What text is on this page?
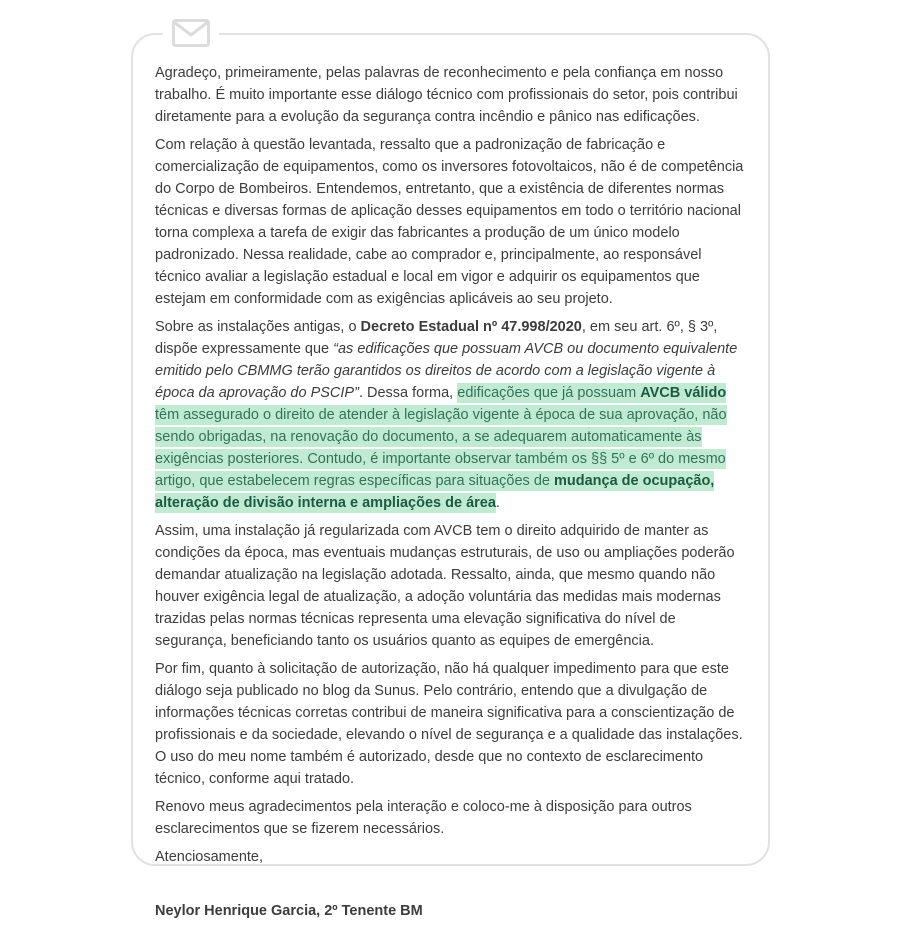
Agradeço, primeiramente, pelas palavras de reconhecimento e pela confiança em nosso trabalho. É muito importante esse diálogo técnico com profissionais do setor, pois contribui diretamente para a evolução da segurança contra incêndio e pânico nas edificações.

Com relação à questão levantada, ressalto que a padronização de fabricação e comercialização de equipamentos, como os inversores fotovoltaicos, não é de competência do Corpo de Bombeiros. Entendemos, entretanto, que a existência de diferentes normas técnicas e diversas formas de aplicação desses equipamentos em todo o território nacional torna complexa a tarefa de exigir das fabricantes a produção de um único modelo padronizado. Nessa realidade, cabe ao comprador e, principalmente, ao responsável técnico avaliar a legislação estadual e local em vigor e adquirir os equipamentos que estejam em conformidade com as exigências aplicáveis ao seu projeto.

Sobre as instalações antigas, o Decreto Estadual nº 47.998/2020, em seu art. 6º, § 3º, dispõe expressamente que “as edificações que possuam AVCB ou documento equivalente emitido pelo CBMMG terão garantidos os direitos de acordo com a legislação vigente à época da aprovação do PSCIP”. Dessa forma, edificações que já possuam AVCB válido têm assegurado o direito de atender à legislação vigente à época de sua aprovação, não sendo obrigadas, na renovação do documento, a se adequarem automaticamente às exigências posteriores. Contudo, é importante observar também os §§ 5º e 6º do mesmo artigo, que estabelecem regras específicas para situações de mudança de ocupação, alteração de divisão interna e ampliações de área.

Assim, uma instalação já regularizada com AVCB tem o direito adquirido de manter as condições da época, mas eventuais mudanças estruturais, de uso ou ampliações poderão demandar atualização na legislação adotada. Ressalto, ainda, que mesmo quando não houver exigência legal de atualização, a adoção voluntária das medidas mais modernas trazidas pelas normas técnicas representa uma elevação significativa do nível de segurança, beneficiando tanto os usuários quanto as equipes de emergência.

Por fim, quanto à solicitação de autorização, não há qualquer impedimento para que este diálogo seja publicado no blog da Sunus. Pelo contrário, entendo que a divulgação de informações técnicas corretas contribui de maneira significativa para a conscientização de profissionais e da sociedade, elevando o nível de segurança e a qualidade das instalações. O uso do meu nome também é autorizado, desde que no contexto de esclarecimento técnico, conforme aqui tratado.

Renovo meus agradecimentos pela interação e coloco-me à disposição para outros esclarecimentos que se fizerem necessários.

Atenciosamente,

Neylor Henrique Garcia, 2º Tenente BM
